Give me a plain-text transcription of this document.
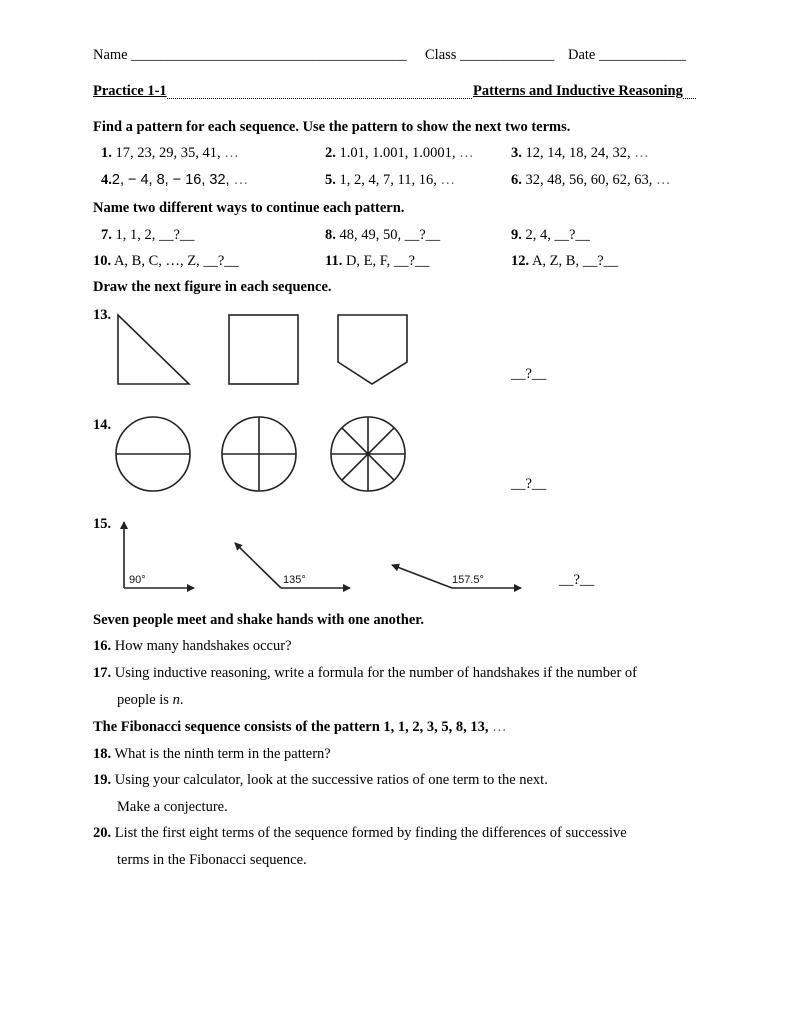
Name ______________________________________ Class _____________ Date ____________
Practice 1-1	Patterns and Inductive Reasoning
Find a pattern for each sequence. Use the pattern to show the next two terms.
1. 17, 23, 29, 35, 41, …	2. 1.01, 1.001, 1.0001, …	3. 12, 14, 18, 24, 32, …
4.2, − 4, 8, − 16, 32, …	5. 1, 2, 4, 7, 11, 16, …	6. 32, 48, 56, 60, 62, 63, …
Name two different ways to continue each pattern.
7. 1, 1, 2, __?__	8. 48, 49, 50, __?__	9. 2, 4, __?__
10. A, B, C, …, Z, __?__	11. D, E, F, __?__	12. A, Z, B, __?__
Draw the next figure in each sequence.
13.
__?__
14.
__?__
15.
90°	135°	157.5°	__?__
Seven people meet and shake hands with one another.
16. How many handshakes occur?
17. Using inductive reasoning, write a formula for the number of handshakes if the number of
people is n.
The Fibonacci sequence consists of the pattern 1, 1, 2, 3, 5, 8, 13, …
18. What is the ninth term in the pattern?
19. Using your calculator, look at the successive ratios of one term to the next.
Make a conjecture.
20. List the first eight terms of the sequence formed by finding the differences of successive
terms in the Fibonacci sequence.
